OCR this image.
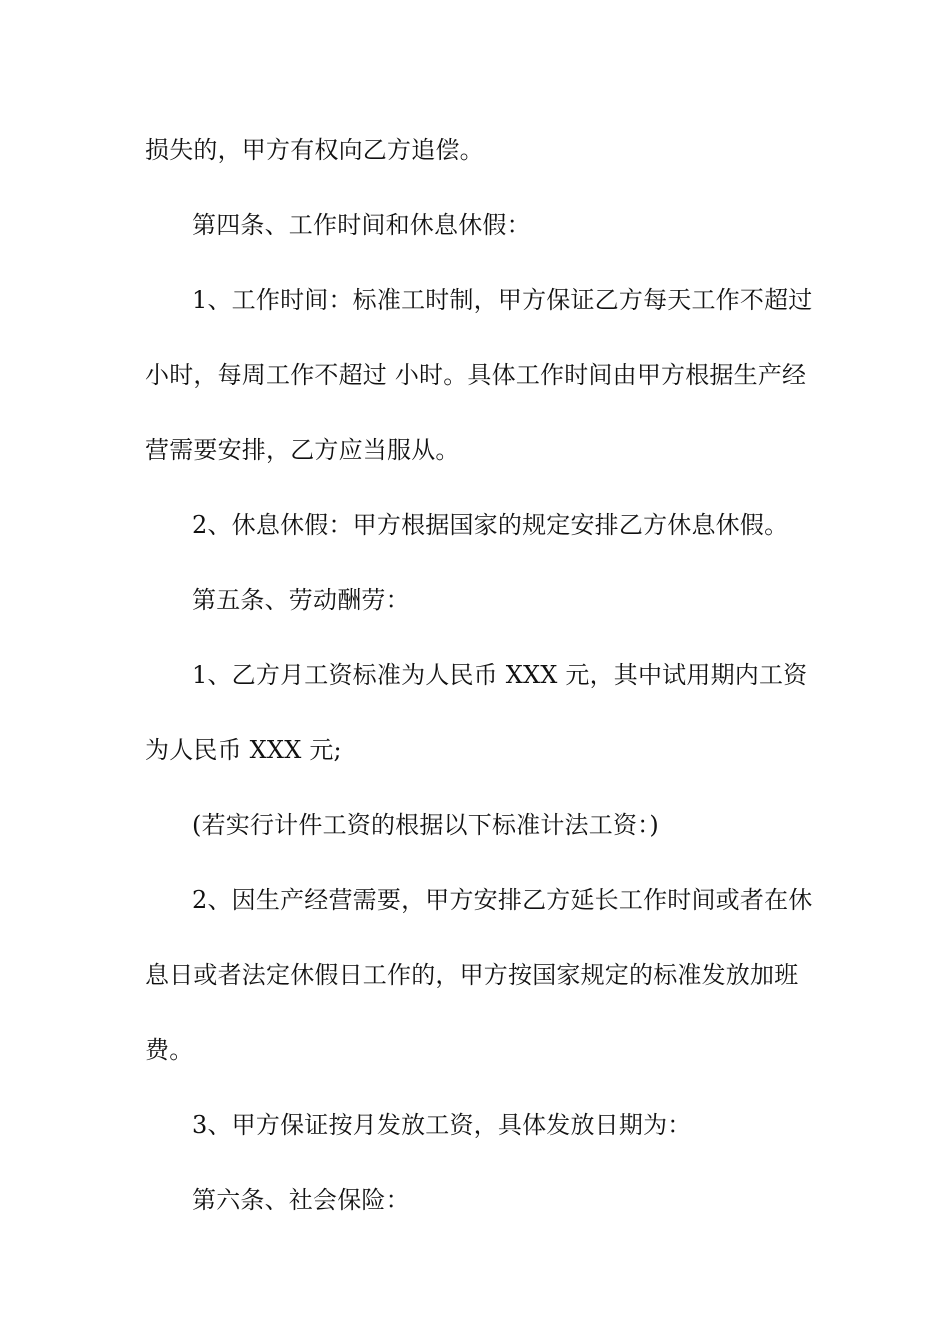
损失的，甲方有权向乙方追偿。
第四条、工作时间和休息休假：
1、工作时间：标准工时制，甲方保证乙方每天工作不超过
小时，每周工作不超过 小时。具体工作时间由甲方根据生产经
营需要安排，乙方应当服从。
2、休息休假：甲方根据国家的规定安排乙方休息休假。
第五条、劳动酬劳：
1、乙方月工资标准为人民币 XXX 元，其中试用期内工资
为人民币 XXX 元;
(若实行计件工资的根据以下标准计法工资：)
2、因生产经营需要，甲方安排乙方延长工作时间或者在休
息日或者法定休假日工作的，甲方按国家规定的标准发放加班
费。
3、甲方保证按月发放工资，具体发放日期为：
第六条、社会保险：
